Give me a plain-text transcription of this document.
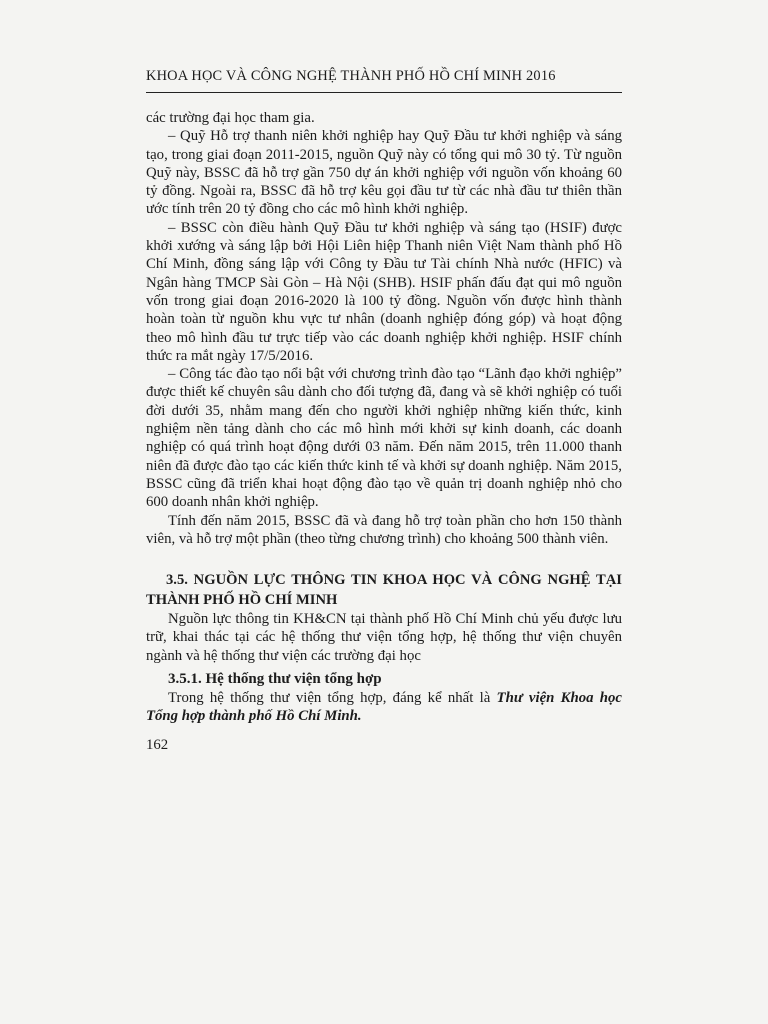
KHOA HỌC VÀ CÔNG NGHỆ THÀNH PHỐ HỒ CHÍ MINH 2016

các trường đại học tham gia.

– Quỹ Hỗ trợ thanh niên khởi nghiệp hay Quỹ Đầu tư khởi nghiệp và sáng tạo, trong giai đoạn 2011-2015, nguồn Quỹ này có tổng qui mô 30 tỷ. Từ nguồn Quỹ này, BSSC đã hỗ trợ gần 750 dự án khởi nghiệp với nguồn vốn khoảng 60 tỷ đồng. Ngoài ra, BSSC đã hỗ trợ kêu gọi đầu tư từ các nhà đầu tư thiên thần ước tính trên 20 tỷ đồng cho các mô hình khởi nghiệp.

– BSSC còn điều hành Quỹ Đầu tư khởi nghiệp và sáng tạo (HSIF) được khởi xướng và sáng lập bởi Hội Liên hiệp Thanh niên Việt Nam thành phố Hồ Chí Minh, đồng sáng lập với Công ty Đầu tư Tài chính Nhà nước (HFIC) và Ngân hàng TMCP Sài Gòn – Hà Nội (SHB). HSIF phấn đấu đạt qui mô nguồn vốn trong giai đoạn 2016-2020 là 100 tỷ đồng. Nguồn vốn được hình thành hoàn toàn từ nguồn khu vực tư nhân (doanh nghiệp đóng góp) và hoạt động theo mô hình đầu tư trực tiếp vào các doanh nghiệp khởi nghiệp. HSIF chính thức ra mắt ngày 17/5/2016.

– Công tác đào tạo nổi bật với chương trình đào tạo “Lãnh đạo khởi nghiệp” được thiết kế chuyên sâu dành cho đối tượng đã, đang và sẽ khởi nghiệp có tuổi đời dưới 35, nhằm mang đến cho người khởi nghiệp những kiến thức, kinh nghiệm nền tảng dành cho các mô hình mới khởi sự kinh doanh, các doanh nghiệp có quá trình hoạt động dưới 03 năm. Đến năm 2015, trên 11.000 thanh niên đã được đào tạo các kiến thức kinh tế và khởi sự doanh nghiệp. Năm 2015, BSSC cũng đã triển khai hoạt động đào tạo về quản trị doanh nghiệp nhỏ cho 600 doanh nhân khởi nghiệp.

Tính đến năm 2015, BSSC đã và đang hỗ trợ toàn phần cho hơn 150 thành viên, và hỗ trợ một phần (theo từng chương trình) cho khoảng 500 thành viên.

3.5. NGUỒN LỰC THÔNG TIN KHOA HỌC VÀ CÔNG NGHỆ TẠI THÀNH PHỐ HỒ CHÍ MINH

Nguồn lực thông tin KH&CN tại thành phố Hồ Chí Minh chủ yếu được lưu trữ, khai thác tại các hệ thống thư viện tổng hợp, hệ thống thư viện chuyên ngành và hệ thống thư viện các trường đại học

3.5.1. Hệ thống thư viện tổng hợp

Trong hệ thống thư viện tổng hợp, đáng kể nhất là Thư viện Khoa học Tổng hợp thành phố Hồ Chí Minh.

162
